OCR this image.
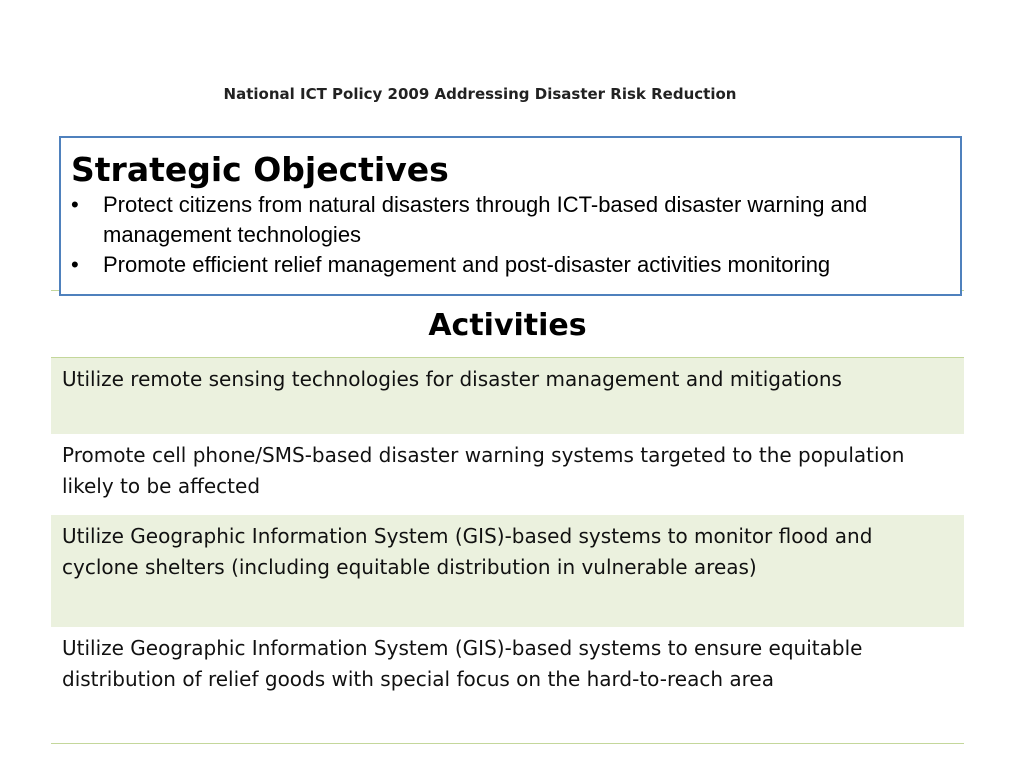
National ICT Policy 2009 Addressing Disaster Risk Reduction
Activities
Utilize remote sensing technologies for disaster management and mitigations
Promote cell phone/SMS-based disaster warning systems targeted to the population likely to be affected
Utilize Geographic Information System (GIS)-based systems to monitor flood and cyclone shelters (including equitable distribution in vulnerable areas)
Utilize Geographic Information System (GIS)-based systems to ensure equitable distribution of relief goods with special focus on the hard-to-reach area
Strategic Objectives
• Protect citizens from natural disasters through ICT-based disaster warning and management technologies
• Promote efficient relief management and post-disaster activities monitoring
